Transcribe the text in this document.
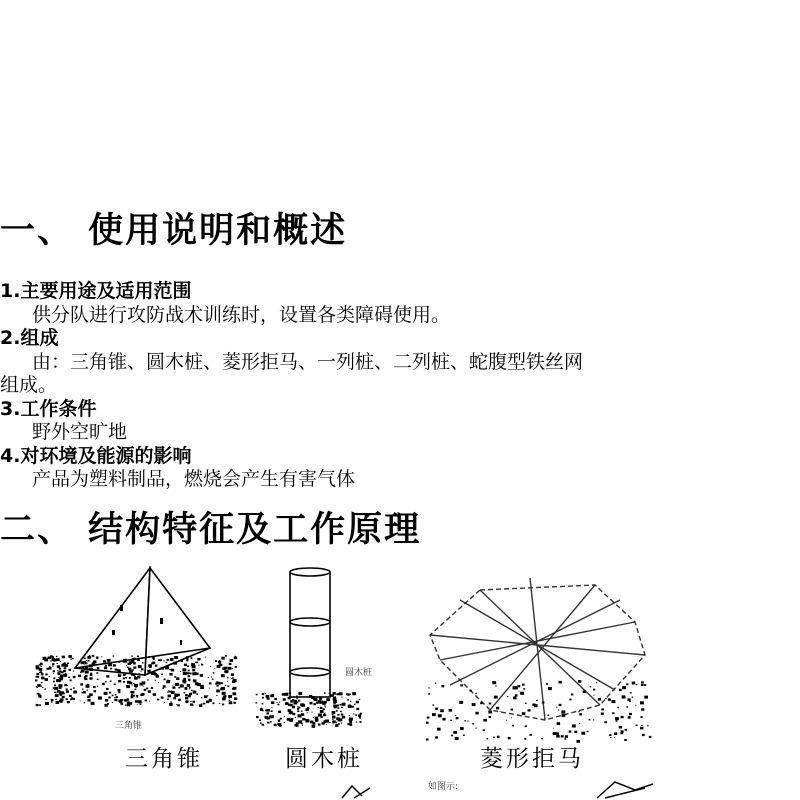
一、 使用说明和概述
1.主要用途及适用范围
供分队进行攻防战术训练时，设置各类障碍使用。
2.组成
由：三角锥、圆木桩、菱形拒马、一列桩、二列桩、蛇腹型铁丝网
组成。
3.工作条件
野外空旷地
4.对环境及能源的影响
产品为塑料制品，燃烧会产生有害气体
二、 结构特征及工作原理
三角锥
圆木桩
三角锥	圆木桩	菱形拒马
如图示:
